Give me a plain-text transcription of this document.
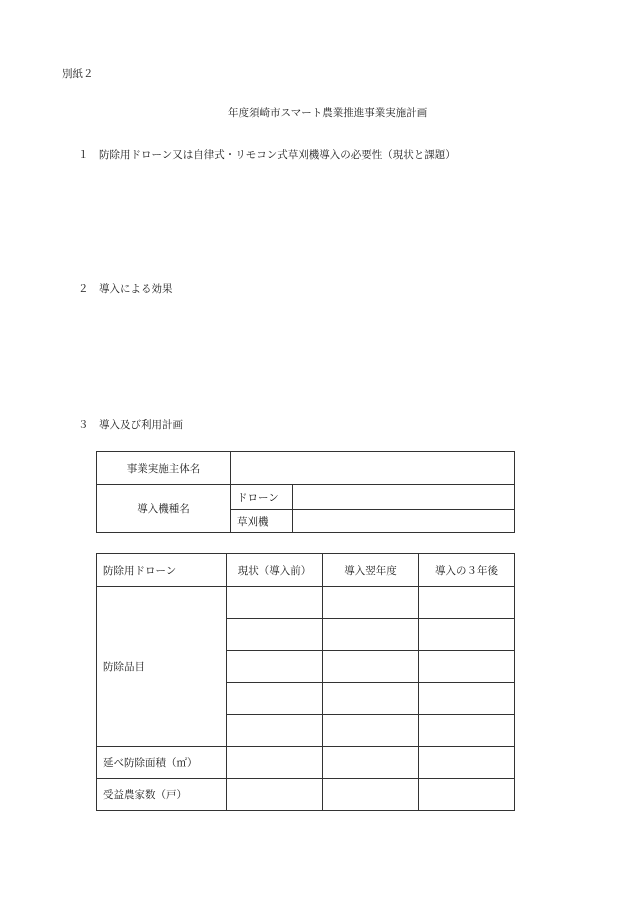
別紙２
年度須崎市スマート農業推進事業実施計画
１ 防除用ドローン又は自律式・リモコン式草刈機導入の必要性（現状と課題）
２ 導入による効果
３ 導入及び利用計画
事業実施主体名		
導入機種名	ドローン	
	草刈機	
防除用ドローン	現状（導入前）	導入翌年度	導入の３年後
防除品目			

延べ防除面積（㎡）			
受益農家数（戸）			
